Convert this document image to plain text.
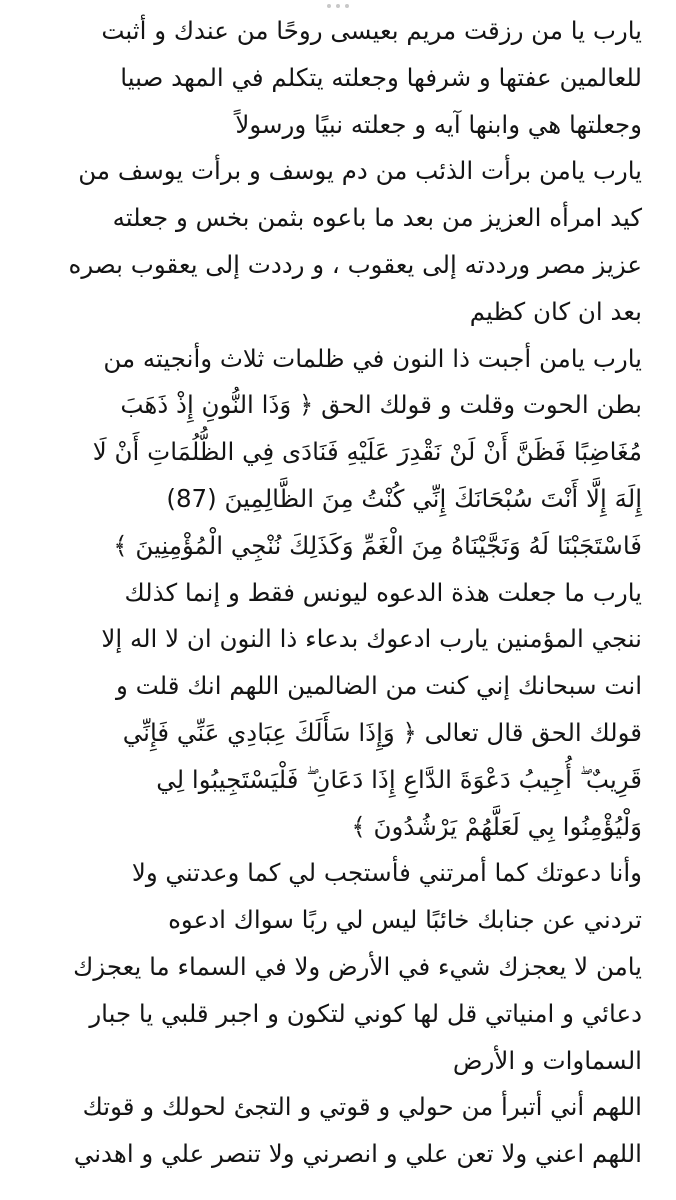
يارب يا من رزقت مريم بعيسى روحًا من عندك و أثبت
للعالمين عفتها و شرفها وجعلته يتكلم في المهد صبيا
وجعلتها هي وابنها آيه و جعلته نبيًا ورسولاً
يارب يامن برأت الذئب من دم يوسف و برأت يوسف من
كيد امرأه العزيز من بعد ما باعوه بثمن بخس و جعلته
عزيز مصر ورددته إلى يعقوب ، و رددت إلى يعقوب بصره
بعد ان كان كظيم
يارب يامن أجبت ذا النون في ظلمات ثلاث وأنجيته من
بطن الحوت وقلت و قولك الحق ﴿ وَذَا النُّونِ إِذْ ذَهَبَ
مُغَاضِبًا فَظَنَّ أَنْ لَنْ نَقْدِرَ عَلَيْهِ فَنَادَى فِي الظُّلُمَاتِ أَنْ لَا
إِلَهَ إِلَّا أَنْتَ سُبْحَانَكَ إِنِّي كُنْتُ مِنَ الظَّالِمِينَ (87)
فَاسْتَجَبْنَا لَهُ وَنَجَّيْنَاهُ مِنَ الْغَمِّ وَكَذَلِكَ نُنْجِي الْمُؤْمِنِينَ ﴾
يارب ما جعلت هذة الدعوه ليونس فقط و إنما كذلك
ننجي المؤمنين يارب ادعوك بدعاء ذا النون ان لا اله إلا
انت سبحانك إني كنت من الضالمين اللهم انك قلت و
قولك الحق قال تعالى ﴿ وَإِذَا سَأَلَكَ عِبَادِي عَنِّي فَإِنِّي
قَرِيبٌ ۖ أُجِيبُ دَعْوَةَ الدَّاعِ إِذَا دَعَانِ ۖ فَلْيَسْتَجِيبُوا لِي
وَلْيُؤْمِنُوا بِي لَعَلَّهُمْ يَرْشُدُونَ ﴾
وأنا دعوتك كما أمرتني فأستجب لي كما وعدتني ولا
تردني عن جنابك خائبًا ليس لي ربًا سواك ادعوه
يامن لا يعجزك شيء في الأرض ولا في السماء ما يعجزك
دعائي و امنياتي قل لها كوني لتكون و اجبر قلبي يا جبار
السماوات و الأرض
اللهم أني أتبرأ من حولي و قوتي و التجئ لحولك و قوتك
اللهم اعني ولا تعن علي و انصرني ولا تنصر علي و اهدني
